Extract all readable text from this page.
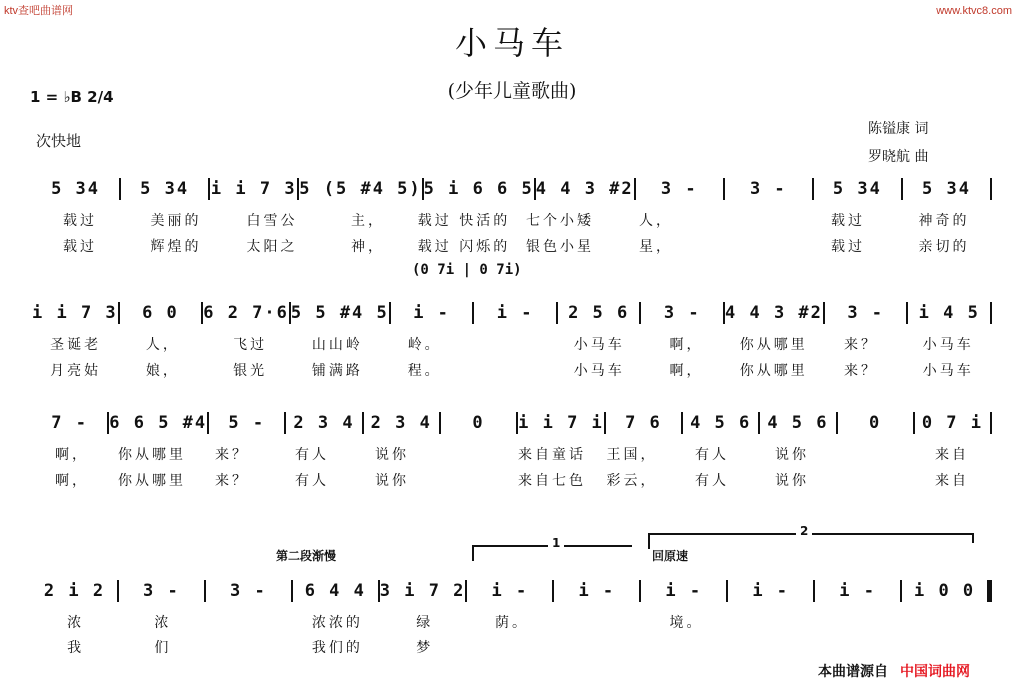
ktv查吧曲谱网	www.ktvc8.com
小马车
(少年儿童歌曲)
1 = ♭B 2/4
次快地
陈镒康 词
罗晓航 曲
5 34	5 34	i i 7 3 5 (5 #4 5) 5 i 6 6 5 4 4 3 #2	3 -	3 -	5 34	5 34
载过	美丽的	白雪公	主，	载过 快活的	七个小矮	人，	载过	神奇的
载过	辉煌的	太阳之	神，	载过 闪烁的	银色小星	星，	载过	亲切的
(0 7i | 0 7i)
i i 7 3	6 0	6 2 7·6 5 5 #4 5	i -	i -	2 5 6	3 -	4 4 3 #2	3 -	i 4 5
圣诞老	人，	飞过	山山岭	岭。	小马车	啊，	你从哪里	来？	小马车
月亮姑	娘，	银光	铺满路	程。	小马车	啊，	你从哪里	来？	小马车
7 -	6 6 5 #4	5 -	2 3 4 2 3 4	0	i i 7 i	7 6	4 5 6 4 5 6	0	0 7 i
啊，	你从哪里	来？	有人	说你	来自童话	王国，	有人	说你	来自
啊，	你从哪里	来？	有人	说你	来自七色	彩云，	有人	说你	来自
第二段渐慢	回原速
1
2
2 i 2	3 -	3 -	6 4 4 3 i 7 2	i -	i -	i -	i -	i -	i 0 0
浓	浓	浓浓的	绿	荫。	境。
我	们	我们的	梦
本曲谱源自 中国词曲网
